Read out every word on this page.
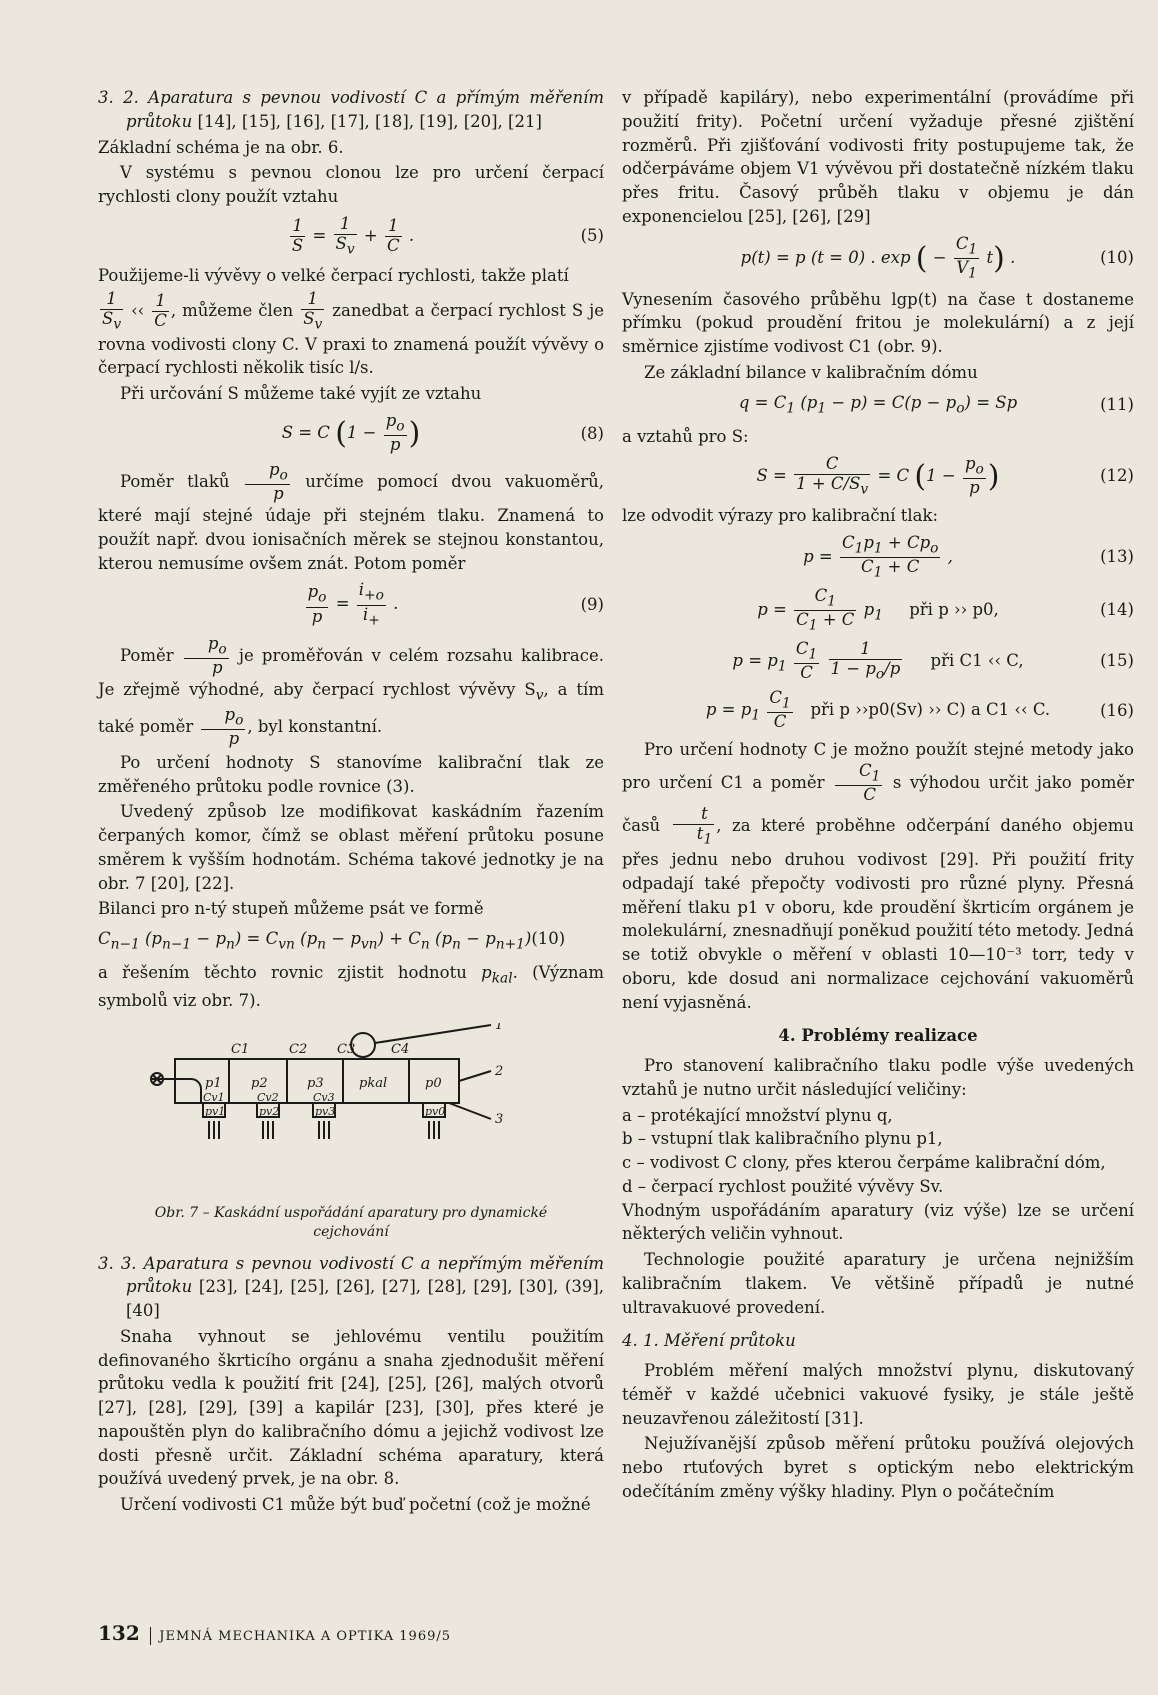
3. 2. Aparatura s pevnou vodivostí C a přímým měřením průtoku [14], [15], [16], [17], [18], [19], [20], [21]

Základní schéma je na obr. 6.

V systému s pevnou clonou lze pro určení čerpací rychlosti clony použít vztahu

$\frac{1}{S} = \frac{1}{S_v} + \frac{1}{C}$ .	(5)

Použijeme-li vývěvy o velké čerpací rychlosti, takže platí

$\frac{1}{S_v}$ ‹‹ $\frac{1}{C}$ , můžeme člen $\frac{1}{S_v}$ zanedbat a čerpací rychlost S je rovna vodivosti clony C. V praxi to znamená použít vývěvy o čerpací rychlosti několik tisíc l/s.

Při určování S můžeme také vyjít ze vztahu

S = C ($1 - \frac{p_o}{p}$ )	(8)

Poměr tlaků $\frac{p_o}{p}$ určíme pomocí dvou vakuoměrů, které mají stejné údaje při stejném tlaku. Znamená to použít např. dvou ionisačních měrek se stejnou konstantou, kterou nemusíme ovšem znát. Potom poměr

$\frac{p_o}{p} = \frac{i_{+o}}{i_+}$ .	(9)

Poměr $\frac{p_o}{p}$ je proměřován v celém rozsahu kalibrace. Je zřejmě výhodné, aby čerpací rychlost vývěvy $S_v$, a tím také poměr $\frac{p_o}{p}$ , byl konstantní.

Po určení hodnoty S stanovíme kalibrační tlak ze změřeného průtoku podle rovnice (3).

Uvedený způsob lze modifikovat kaskádním řazením čerpaných komor, čímž se oblast měření průtoku posune směrem k vyšším hodnotám. Schéma takové jednotky je na obr. 7 [20], [22].

Bilanci pro n-tý stupeň můžeme psát ve formě

$C_{n-1}$ $(p_{n-1} - p_n) = C_{vn}$ $(p_n - p_{vn}) + C_n$ $(p_n - p_{n+1})(10)$

a řešením těchto rovnic zjistit hodnotu $p_{kal}$. (Význam symbolů viz obr. 7).

C1	C2 C3	C4
p1 p2	p3	pkal	p0
Cv1	Cv2	Cv3
pv1	pv2	pv3	pv0
1
2
3

Obr. 7 – Kaskádní uspořádání aparatury pro dynamické cejchování

3. 3. Aparatura s pevnou vodivostí C a nepřímým měřením průtoku [23], [24], [25], [26], [27], [28], [29], [30], (39], [40]

Snaha vyhnout se jehlovému ventilu použitím definovaného škrticího orgánu a snaha zjednodušit měření průtoku vedla k použití frit [24], [25], [26], malých otvorů [27], [28], [29], [39] a kapilár [23], [30], přes které je napouštěn plyn do kalibračního dómu a jejichž vodivost lze dosti přesně určit. Základní schéma aparatury, která používá uvedený prvek, je na obr. 8.

Určení vodivosti C1 může být buď početní (což je možné

v případě kapiláry), nebo experimentální (provádíme při použití frity). Početní určení vyžaduje přesné zjištění rozměrů. Při zjišťování vodivosti frity postupujeme tak, že odčerpáváme objem V1 vývěvou při dostatečně nízkém tlaku přes fritu. Časový průběh tlaku v objemu je dán exponencielou [25], [26], [29]

p(t) = p (t = 0) . exp ( − $\frac{C_1}{V_1} t$) .	(10)

Vynesením časového průběhu lgp(t) na čase t dostaneme přímku (pokud proudění fritou je molekulární) a z její směrnice zjistíme vodivost C1 (obr. 9).

Ze základní bilance v kalibračním dómu

$q = C_1$ $(p_1 - p) = C(p - p_o) = Sp$	(11)

a vztahů pro S:

$S = \frac{C}{1 + C/S_v} = C$ ($1 - \frac{p_o}{p}$ )	(12)

lze odvodit výrazy pro kalibrační tlak:

$p = \frac{C_1p_1 + Cp_o}{C_1 + C}$ ,	(13)
$p = \frac{C_1}{C_1 + C} p_1$ při p ›› p0,	(14)
$p = p_1 \frac{C_1}{C}$
$\frac{1}{1 - p_o/p}$ při C1 ‹‹ C,	(15)
$p = p_1 \frac{C_1}{C}$ při p ››p0(Sv) ›› C) a C1 ‹‹ C.	(16)

Pro určení hodnoty C je možno použít stejné metody jako pro určení C1 a poměr $\frac{C_1}{C}$ s výhodou určit jako poměr časů $\frac{t}{t_1}$ , za které proběhne odčerpání daného objemu přes jednu nebo druhou vodivost [29]. Při použití frity odpadají také přepočty vodivosti pro různé plyny. Přesná měření tlaku p1 v oboru, kde proudění škrticím orgánem je molekulární, znesnadňují poněkud použití této metody. Jedná se totiž obvykle o měření v oblasti 10—10⁻³ torr, tedy v oboru, kde dosud ani normalizace cejchování vakuoměrů není vyjasněná.

4. Problémy realizace

Pro stanovení kalibračního tlaku podle výše uvedených vztahů je nutno určit následující veličiny:

a – protékající množství plynu q,
b – vstupní tlak kalibračního plynu p1,
c – vodivost C clony, přes kterou čerpáme kalibrační dóm,
d – čerpací rychlost použité vývěvy Sv.

Vhodným uspořádáním aparatury (viz výše) lze se určení některých veličin vyhnout.

Technologie použité aparatury je určena nejnižším kalibračním tlakem. Ve většině případů je nutné ultravakuové provedení.

4. 1. Měření průtoku

Problém měření malých množství plynu, diskutovaný téměř v každé učebnici vakuové fysiky, je stále ještě neuzavřenou záležitostí [31].

Nejužívanější způsob měření průtoku používá olejových nebo rtuťových byret s optickým nebo elektrickým odečítáním změny výšky hladiny. Plyn o počátečním

132 JEMNÁ MECHANIKA A OPTIKA 1969/5
